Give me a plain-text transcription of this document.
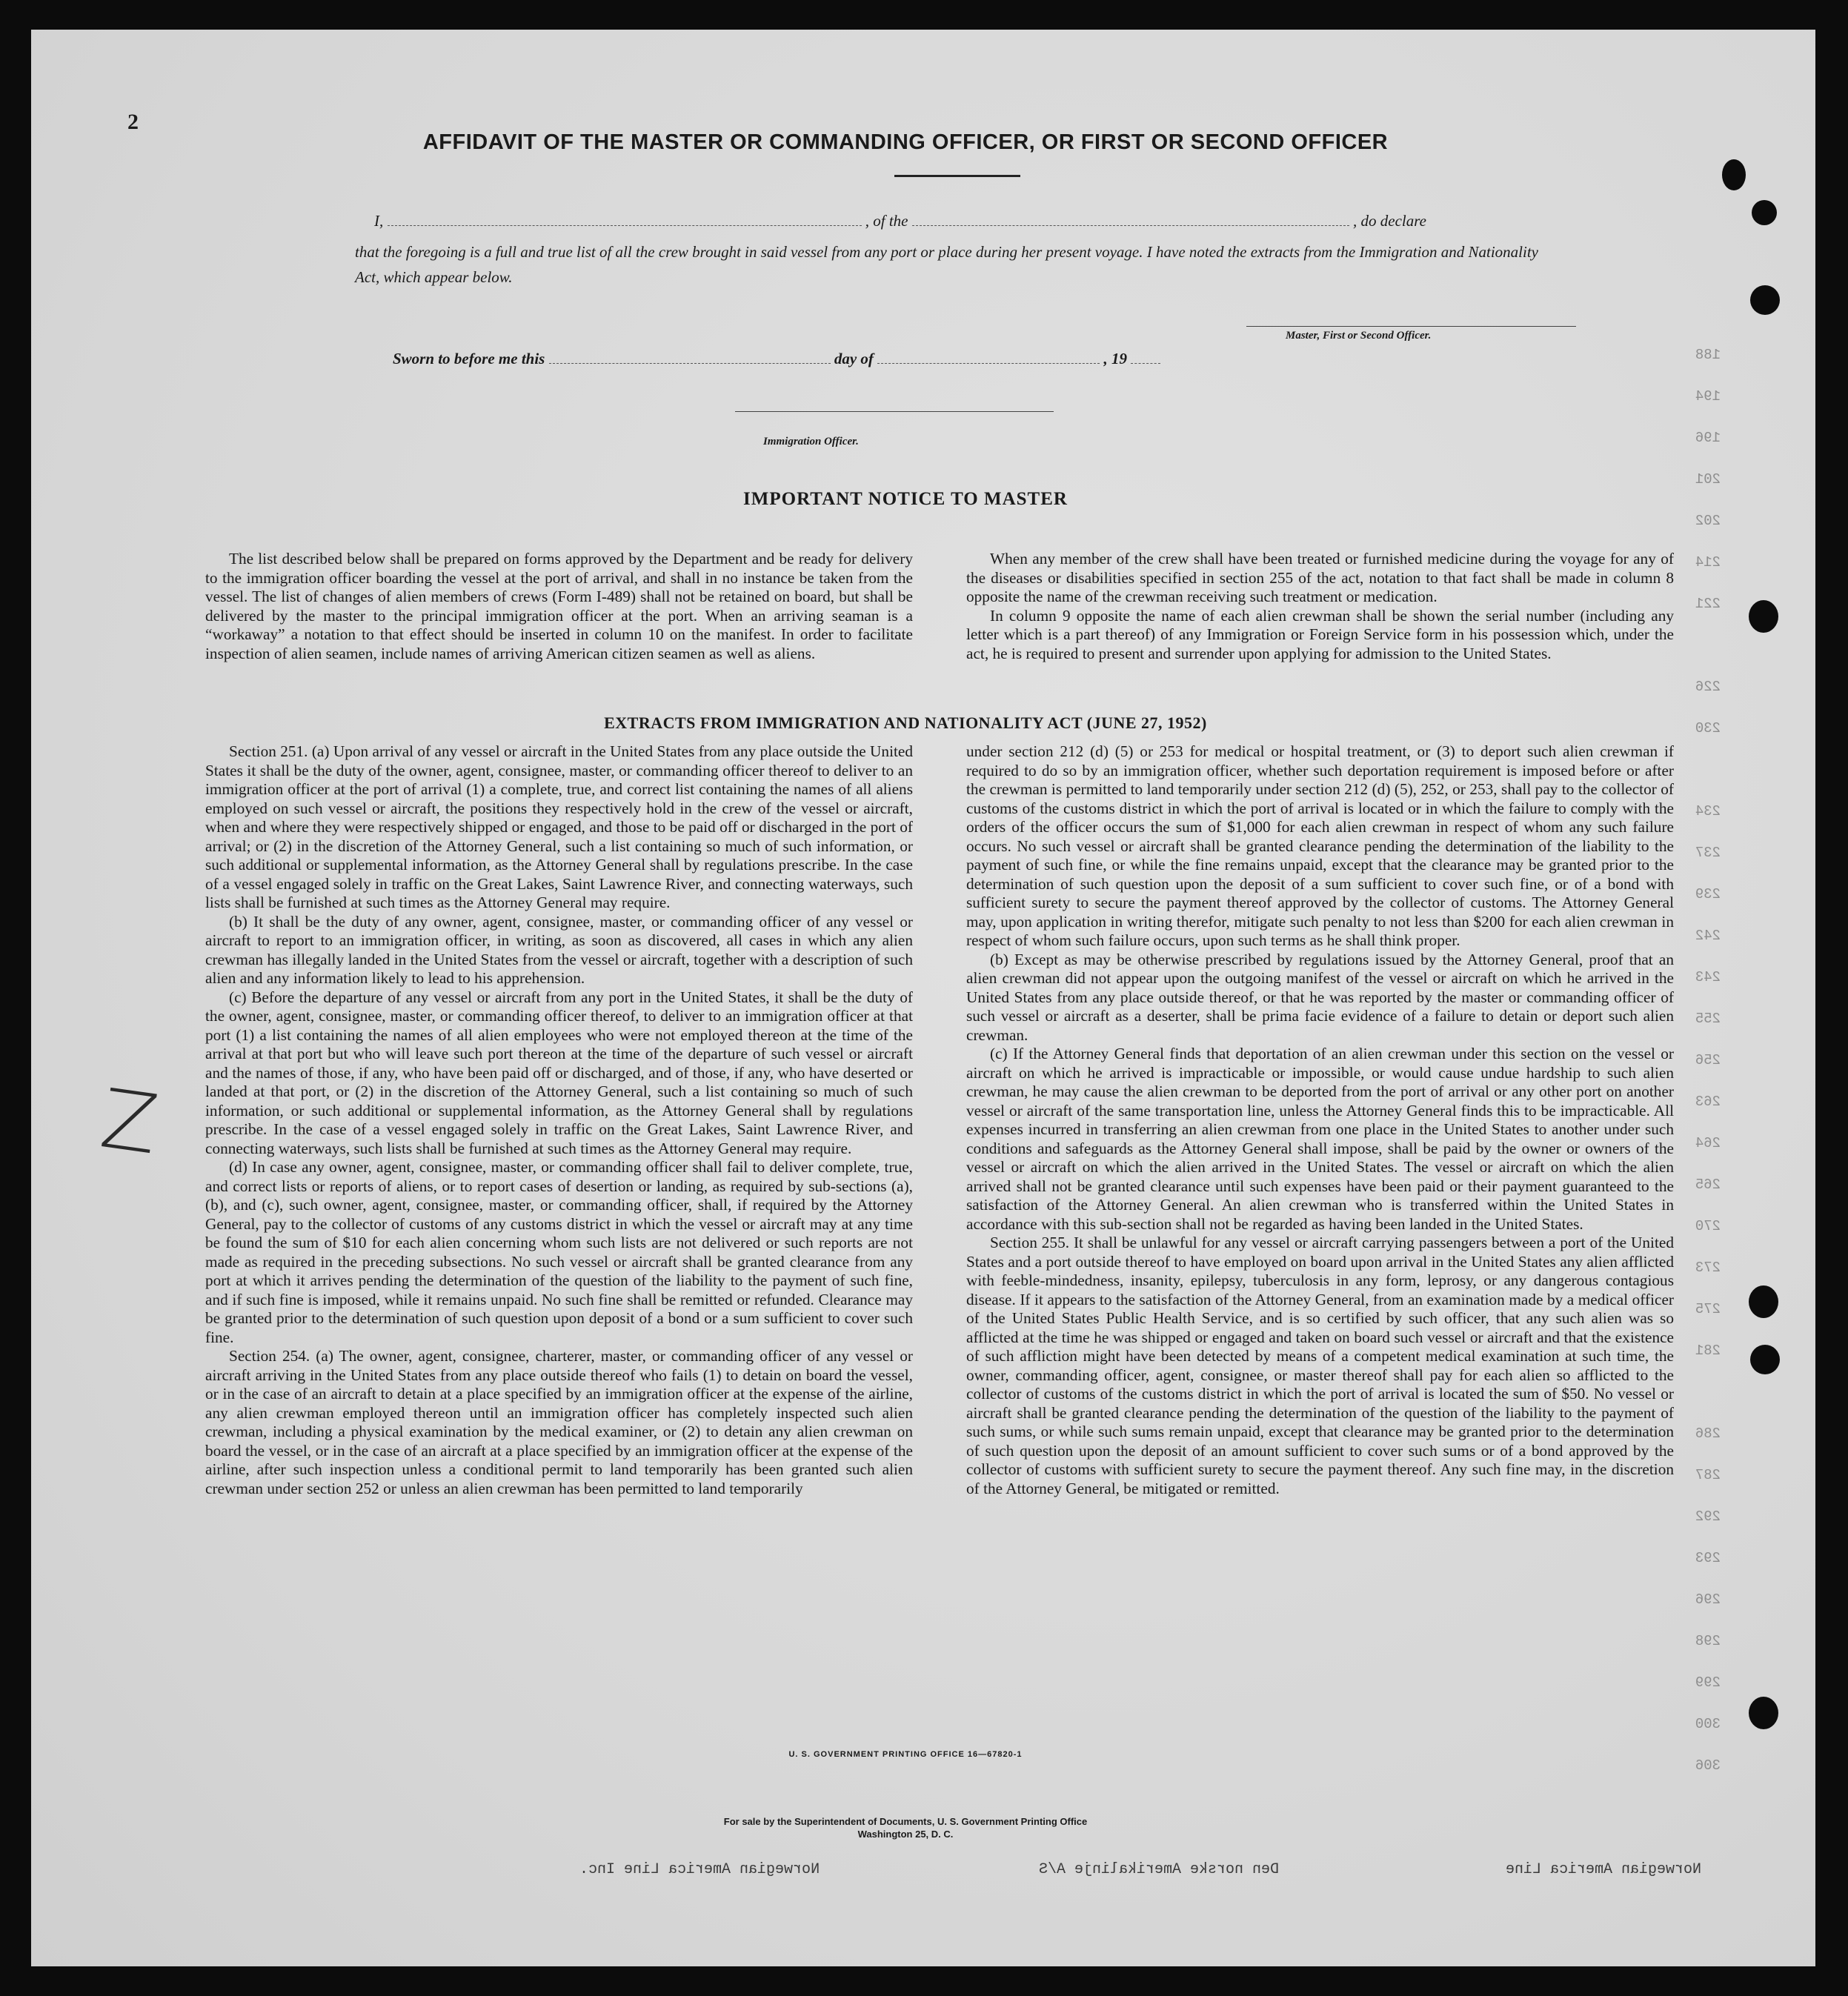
2
AFFIDAVIT OF THE MASTER OR COMMANDING OFFICER, OR FIRST OR SECOND OFFICER
I,	, of the	, do declare
that the foregoing is a full and true list of all the crew brought in said vessel from any port or place during her present voyage. I have noted the extracts from the Immigration and Nationality Act, which appear below.
Master, First or Second Officer.
Sworn to before me this	day of	, 19
Immigration Officer.
IMPORTANT NOTICE TO MASTER

The list described below shall be prepared on forms approved by the Department and be ready for delivery to the immigration officer boarding the vessel at the port of arrival, and shall in no instance be taken from the vessel. The list of changes of alien members of crews (Form I-489) shall not be retained on board, but shall be delivered by the master to the principal immigration officer at the port. When an arriving seaman is a “workaway” a notation to that effect should be inserted in column 10 on the manifest. In order to facilitate inspection of alien seamen, include names of arriving American citizen seamen as well as aliens.

When any member of the crew shall have been treated or furnished medicine during the voyage for any of the diseases or disabilities specified in section 255 of the act, notation to that fact shall be made in column 8 opposite the name of the crewman receiving such treatment or medication.

In column 9 opposite the name of each alien crewman shall be shown the serial number (including any letter which is a part thereof) of any Immigration or Foreign Service form in his possession which, under the act, he is required to present and surrender upon applying for admission to the United States.

EXTRACTS FROM IMMIGRATION AND NATIONALITY ACT (JUNE 27, 1952)

Section 251. (a) Upon arrival of any vessel or aircraft in the United States from any place outside the United States it shall be the duty of the owner, agent, consignee, master, or commanding officer thereof to deliver to an immigration officer at the port of arrival (1) a complete, true, and correct list containing the names of all aliens employed on such vessel or aircraft, the positions they respectively hold in the crew of the vessel or aircraft, when and where they were respectively shipped or engaged, and those to be paid off or discharged in the port of arrival; or (2) in the discretion of the Attorney General, such a list containing so much of such information, or such additional or supplemental information, as the Attorney General shall by regulations prescribe. In the case of a vessel engaged solely in traffic on the Great Lakes, Saint Lawrence River, and connecting waterways, such lists shall be furnished at such times as the Attorney General may require.

(b) It shall be the duty of any owner, agent, consignee, master, or commanding officer of any vessel or aircraft to report to an immigration officer, in writing, as soon as discovered, all cases in which any alien crewman has illegally landed in the United States from the vessel or aircraft, together with a description of such alien and any information likely to lead to his apprehension.

(c) Before the departure of any vessel or aircraft from any port in the United States, it shall be the duty of the owner, agent, consignee, master, or commanding officer thereof, to deliver to an immigration officer at that port (1) a list containing the names of all alien employees who were not employed thereon at the time of the arrival at that port but who will leave such port thereon at the time of the departure of such vessel or aircraft and the names of those, if any, who have been paid off or discharged, and of those, if any, who have deserted or landed at that port, or (2) in the discretion of the Attorney General, such a list containing so much of such information, or such additional or supplemental information, as the Attorney General shall by regulations prescribe. In the case of a vessel engaged solely in traffic on the Great Lakes, Saint Lawrence River, and connecting waterways, such lists shall be furnished at such times as the Attorney General may require.

(d) In case any owner, agent, consignee, master, or commanding officer shall fail to deliver complete, true, and correct lists or reports of aliens, or to report cases of desertion or landing, as required by sub-sections (a), (b), and (c), such owner, agent, consignee, master, or commanding officer, shall, if required by the Attorney General, pay to the collector of customs of any customs district in which the vessel or aircraft may at any time be found the sum of $10 for each alien concerning whom such lists are not delivered or such reports are not made as required in the preceding subsections. No such vessel or aircraft shall be granted clearance from any port at which it arrives pending the determination of the question of the liability to the payment of such fine, and if such fine is imposed, while it remains unpaid. No such fine shall be remitted or refunded. Clearance may be granted prior to the determination of such question upon deposit of a bond or a sum sufficient to cover such fine.

Section 254. (a) The owner, agent, consignee, charterer, master, or commanding officer of any vessel or aircraft arriving in the United States from any place outside thereof who fails (1) to detain on board the vessel, or in the case of an aircraft to detain at a place specified by an immigration officer at the expense of the airline, any alien crewman employed thereon until an immigration officer has completely inspected such alien crewman, including a physical examination by the medical examiner, or (2) to detain any alien crewman on board the vessel, or in the case of an aircraft at a place specified by an immigration officer at the expense of the airline, after such inspection unless a conditional permit to land temporarily has been granted such alien crewman under section 252 or unless an alien crewman has been permitted to land temporarily

under section 212 (d) (5) or 253 for medical or hospital treatment, or (3) to deport such alien crewman if required to do so by an immigration officer, whether such deportation requirement is imposed before or after the crewman is permitted to land temporarily under section 212 (d) (5), 252, or 253, shall pay to the collector of customs of the customs district in which the port of arrival is located or in which the failure to comply with the orders of the officer occurs the sum of $1,000 for each alien crewman in respect of whom any such failure occurs. No such vessel or aircraft shall be granted clearance pending the determination of the liability to the payment of such fine, or while the fine remains unpaid, except that the clearance may be granted prior to the determination of such question upon the deposit of a sum sufficient to cover such fine, or of a bond with sufficient surety to secure the payment thereof approved by the collector of customs. The Attorney General may, upon application in writing therefor, mitigate such penalty to not less than $200 for each alien crewman in respect of whom such failure occurs, upon such terms as he shall think proper.

(b) Except as may be otherwise prescribed by regulations issued by the Attorney General, proof that an alien crewman did not appear upon the outgoing manifest of the vessel or aircraft on which he arrived in the United States from any place outside thereof, or that he was reported by the master or commanding officer of such vessel or aircraft as a deserter, shall be prima facie evidence of a failure to detain or deport such alien crewman.

(c) If the Attorney General finds that deportation of an alien crewman under this section on the vessel or aircraft on which he arrived is impracticable or impossible, or would cause undue hardship to such alien crewman, he may cause the alien crewman to be deported from the port of arrival or any other port on another vessel or aircraft of the same transportation line, unless the Attorney General finds this to be impracticable. All expenses incurred in transferring an alien crewman from one place in the United States to another under such conditions and safeguards as the Attorney General shall impose, shall be paid by the owner or owners of the vessel or aircraft on which the alien arrived in the United States. The vessel or aircraft on which the alien arrived shall not be granted clearance until such expenses have been paid or their payment guaranteed to the satisfaction of the Attorney General. An alien crewman who is transferred within the United States in accordance with this sub-section shall not be regarded as having been landed in the United States.

Section 255. It shall be unlawful for any vessel or aircraft carrying passengers between a port of the United States and a port outside thereof to have employed on board upon arrival in the United States any alien afflicted with feeble-mindedness, insanity, epilepsy, tuberculosis in any form, leprosy, or any dangerous contagious disease. If it appears to the satisfaction of the Attorney General, from an examination made by a medical officer of the United States Public Health Service, and is so certified by such officer, that any such alien was so afflicted at the time he was shipped or engaged and taken on board such vessel or aircraft and that the existence of such affliction might have been detected by means of a competent medical examination at such time, the owner, commanding officer, agent, consignee, or master thereof shall pay for each alien so afflicted to the collector of customs of the customs district in which the port of arrival is located the sum of $50. No vessel or aircraft shall be granted clearance pending the determination of the question of the liability to the payment of such sums, or while such sums remain unpaid, except that clearance may be granted prior to the determination of such question upon the deposit of an amount sufficient to cover such sums or of a bond approved by the collector of customs with sufficient surety to secure the payment thereof. Any such fine may, in the discretion of the Attorney General, be mitigated or remitted.

U. S. GOVERNMENT PRINTING OFFICE 16—67820-1
For sale by the Superintendent of Documents, U. S. Government Printing Office
Washington 25, D. C.
188
194
196
201
202
214
221
226
230
234
237
239
242
243
255
256
263
264
265
270
273
275
281
286
287
292
293
296
298
299
300
306
Z
Norwegian America Line Inc.	Den norske Amerikalinje A/S	Norwegian America Line
